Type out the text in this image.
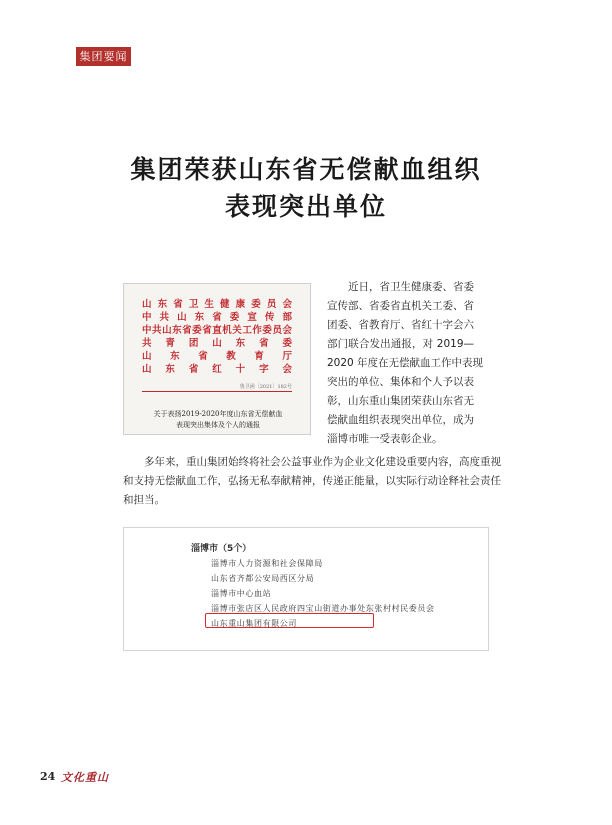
集团要闻
集团荣获山东省无偿献血组织
表现突出单位
山东省卫生健康委员会
中共山东省委宣传部
中共山东省委省直机关工作委员会
共青团山东省委
山东省教育厅
山东省红十字会
鲁卫函〔2021〕182号
关于表扬2019-2020年度山东省无偿献血
表现突出集体及个人的通报
近日，省卫生健康委、省委
宣传部、省委省直机关工委、省
团委、省教育厅、省红十字会六
部门联合发出通报，对 2019—
2020 年度在无偿献血工作中表现
突出的单位、集体和个人予以表
彰，山东重山集团荣获山东省无
偿献血组织表现突出单位，成为
淄博市唯一受表彰企业。
多年来，重山集团始终将社会公益事业作为企业文化建设重要内容，高度重视
和支持无偿献血工作，弘扬无私奉献精神，传递正能量，以实际行动诠释社会责任
和担当。
淄博市（5个）
淄博市人力资源和社会保障局
山东省齐都公安局西区分局
淄博市中心血站
淄博市张店区人民政府四宝山街道办事处东张村村民委员会
山东重山集团有限公司
24 文化重山
